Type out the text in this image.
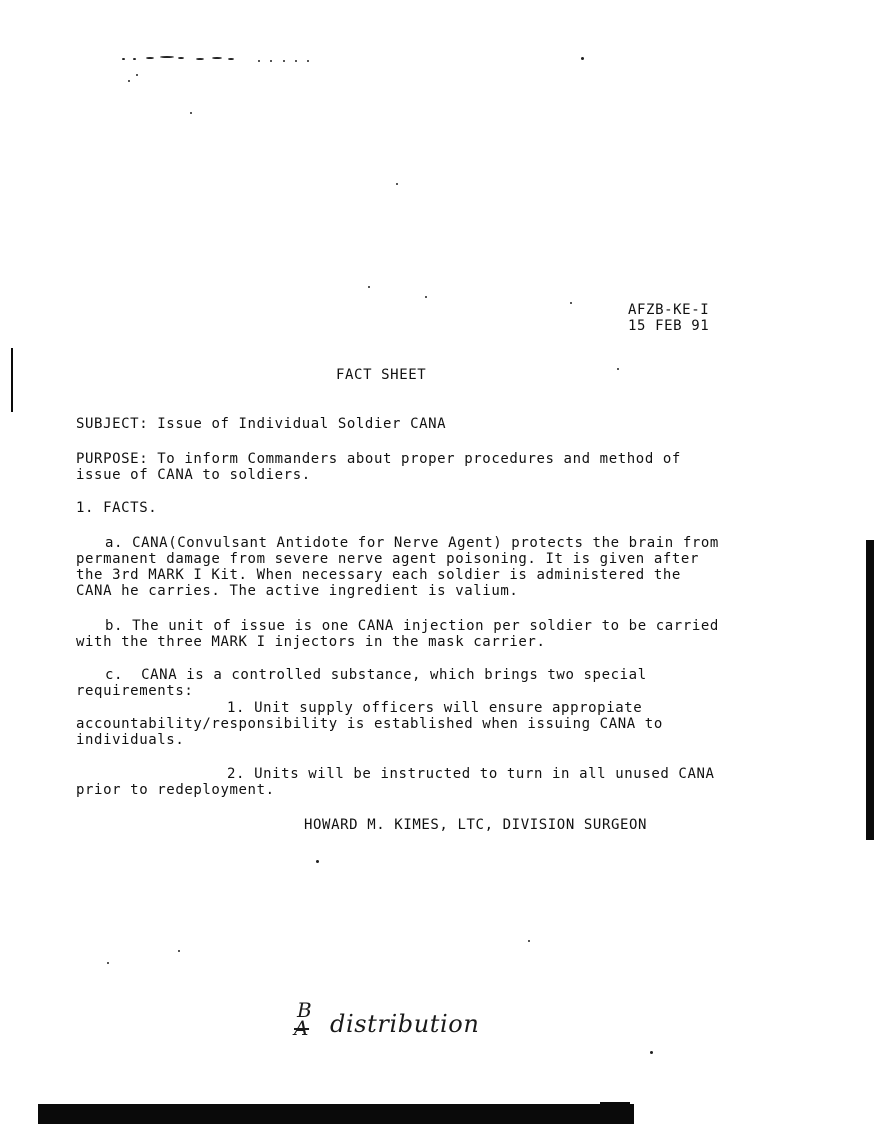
AFZB-KE-I
15 FEB 91
FACT SHEET
SUBJECT: Issue of Individual Soldier CANA
PURPOSE: To inform Commanders about proper procedures and method of
issue of CANA to soldiers.
1. FACTS.
a. CANA(Convulsant Antidote for Nerve Agent) protects the brain from
permanent damage from severe nerve agent poisoning. It is given after
the 3rd MARK I Kit. When necessary each soldier is administered the
CANA he carries. The active ingredient is valium.
b. The unit of issue is one CANA injection per soldier to be carried
with the three MARK I injectors in the mask carrier.
c.  CANA is a controlled substance, which brings two special
requirements:
1. Unit supply officers will ensure appropiate
accountability/responsibility is established when issuing CANA to
individuals.
2. Units will be instructed to turn in all unused CANA
prior to redeployment.
HOWARD M. KIMES, LTC, DIVISION SURGEON
B
A distribution
